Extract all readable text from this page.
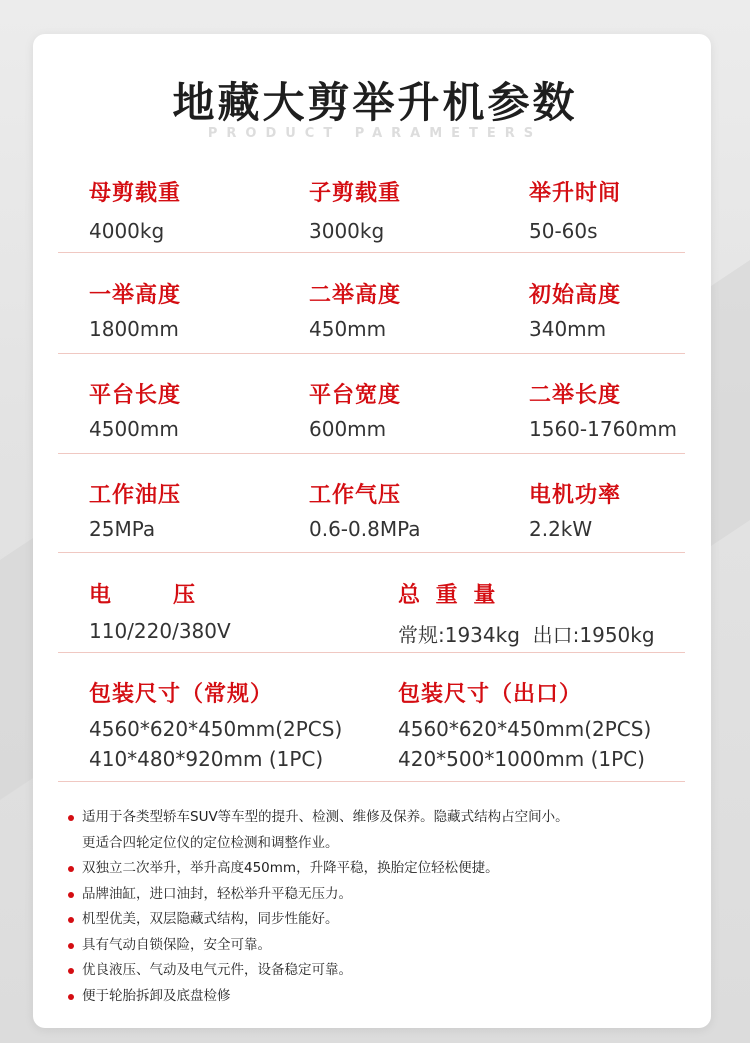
地藏大剪举升机参数
PRODUCT PARAMETERS
母剪载重
4000kg
子剪载重
3000kg
举升时间
50-60s
一举高度
1800mm
二举高度
450mm
初始高度
340mm
平台长度
4500mm
平台宽度
600mm
二举长度
1560-1760mm
工作油压
25MPa
工作气压
0.6-0.8MPa
电机功率
2.2kW
电　　压
110/220/380V
总 重 量
常规:1934kg  出口:1950kg
包装尺寸（常规）
4560*620*450mm(2PCS)
410*480*920mm (1PC)
包装尺寸（出口）
4560*620*450mm(2PCS)
420*500*1000mm (1PC)
适用于各类型轿车SUV等车型的提升、检测、维修及保养。隐藏式结构占空间小。
更适合四轮定位仪的定位检测和调整作业。
双独立二次举升，举升高度450mm，升降平稳，换胎定位轻松便捷。
品牌油缸，进口油封，轻松举升平稳无压力。
机型优美，双层隐藏式结构，同步性能好。
具有气动自锁保险，安全可靠。
优良液压、气动及电气元件，设备稳定可靠。
便于轮胎拆卸及底盘检修
